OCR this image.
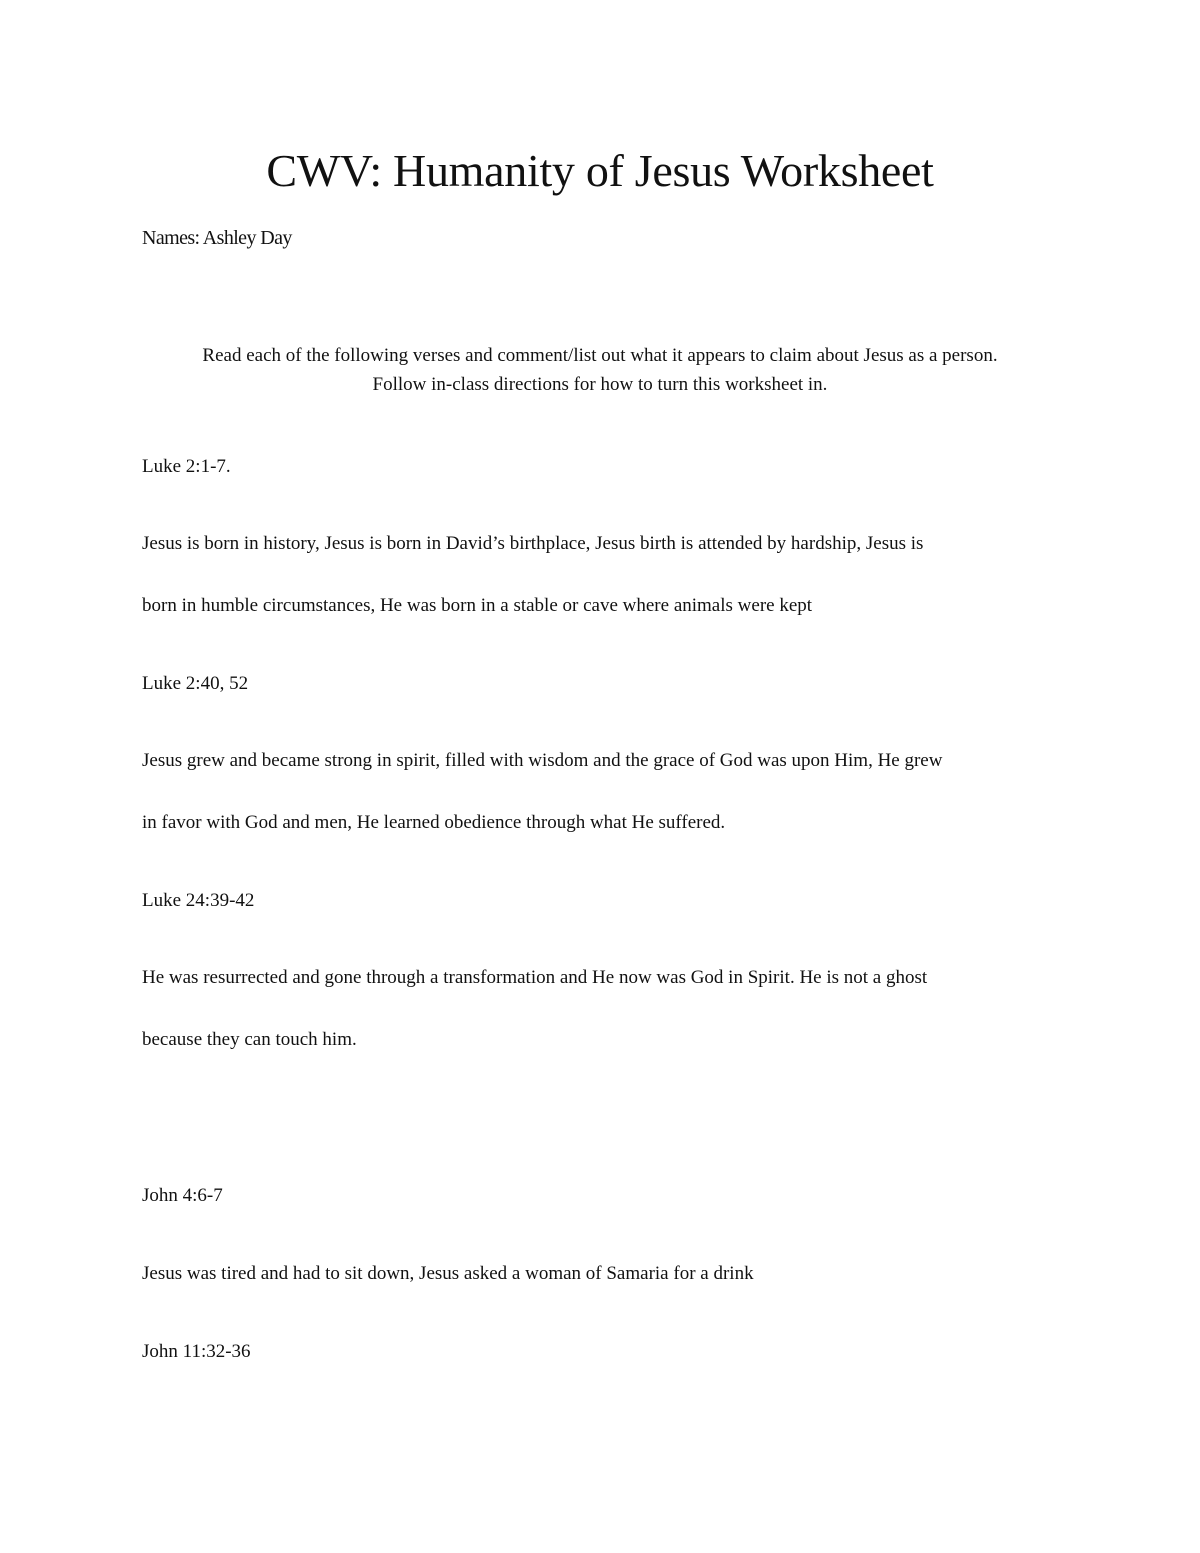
CWV: Humanity of Jesus Worksheet
Names: Ashley Day
Read each of the following verses and comment/list out what it appears to claim about Jesus as a person.
Follow in-class directions for how to turn this worksheet in.
Luke 2:1-7.
Jesus is born in history, Jesus is born in David’s birthplace, Jesus birth is attended by hardship, Jesus is
born in humble circumstances, He was born in a stable or cave where animals were kept
Luke 2:40, 52
Jesus grew and became strong in spirit, filled with wisdom and the grace of God was upon Him, He grew
in favor with God and men, He learned obedience through what He suffered.
Luke 24:39-42
He was resurrected and gone through a transformation and He now was God in Spirit. He is not a ghost
because they can touch him.
John 4:6-7
Jesus was tired and had to sit down, Jesus asked a woman of Samaria for a drink
John 11:32-36
